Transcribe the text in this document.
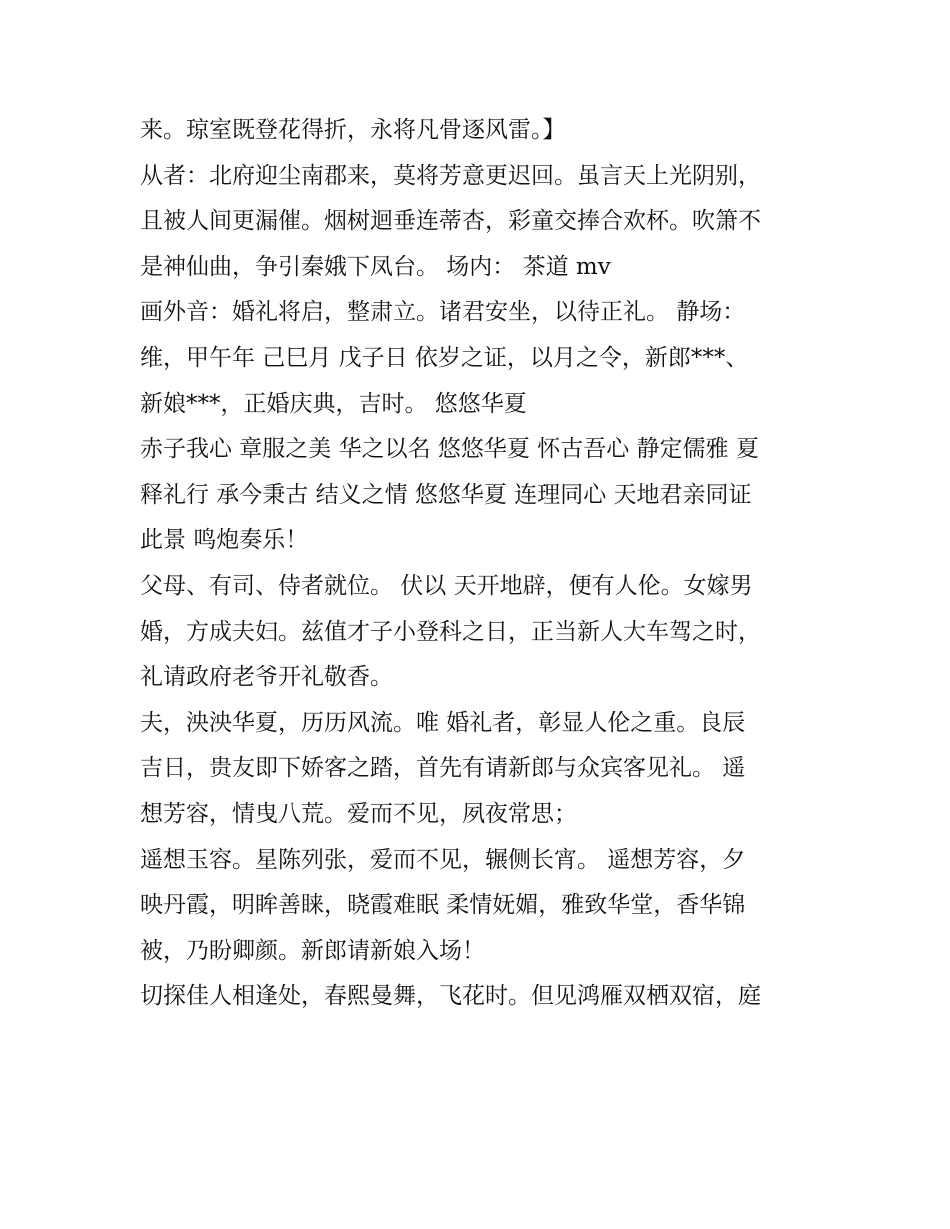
来。琼室既登花得折，永将凡骨逐风雷。】
从者：北府迎尘南郡来，莫将芳意更迟回。虽言天上光阴别，
且被人间更漏催。烟树迴垂连蒂杏，彩童交捧合欢杯。吹箫不
是神仙曲，争引秦娥下凤台。 场内： 茶道 mv
画外音：婚礼将启，整肃立。诸君安坐，以待正礼。 静场：
维，甲午年 己巳月 戊子日 依岁之证，以月之令，新郎***、
新娘***，正婚庆典，吉时。 悠悠华夏
赤子我心 章服之美 华之以名 悠悠华夏 怀古吾心 静定儒雅 夏
释礼行 承今秉古 结义之情 悠悠华夏 连理同心 天地君亲同证
此景 鸣炮奏乐！
父母、有司、侍者就位。 伏以 天开地辟，便有人伦。女嫁男
婚，方成夫妇。兹值才子小登科之日，正当新人大车驾之时，
礼请政府老爷开礼敬香。
夫，泱泱华夏，历历风流。唯 婚礼者，彰显人伦之重。良辰
吉日，贵友即下娇客之踏，首先有请新郎与众宾客见礼。 遥
想芳容，情曳八荒。爱而不见，夙夜常思；
遥想玉容。星陈列张，爱而不见，辗侧长宵。 遥想芳容，夕
映丹霞，明眸善睐，晓霞难眠 柔情妩媚，雅致华堂，香华锦
被，乃盼卿颜。新郎请新娘入场！
切探佳人相逢处，春熙曼舞，飞花时。但见鸿雁双栖双宿，庭
